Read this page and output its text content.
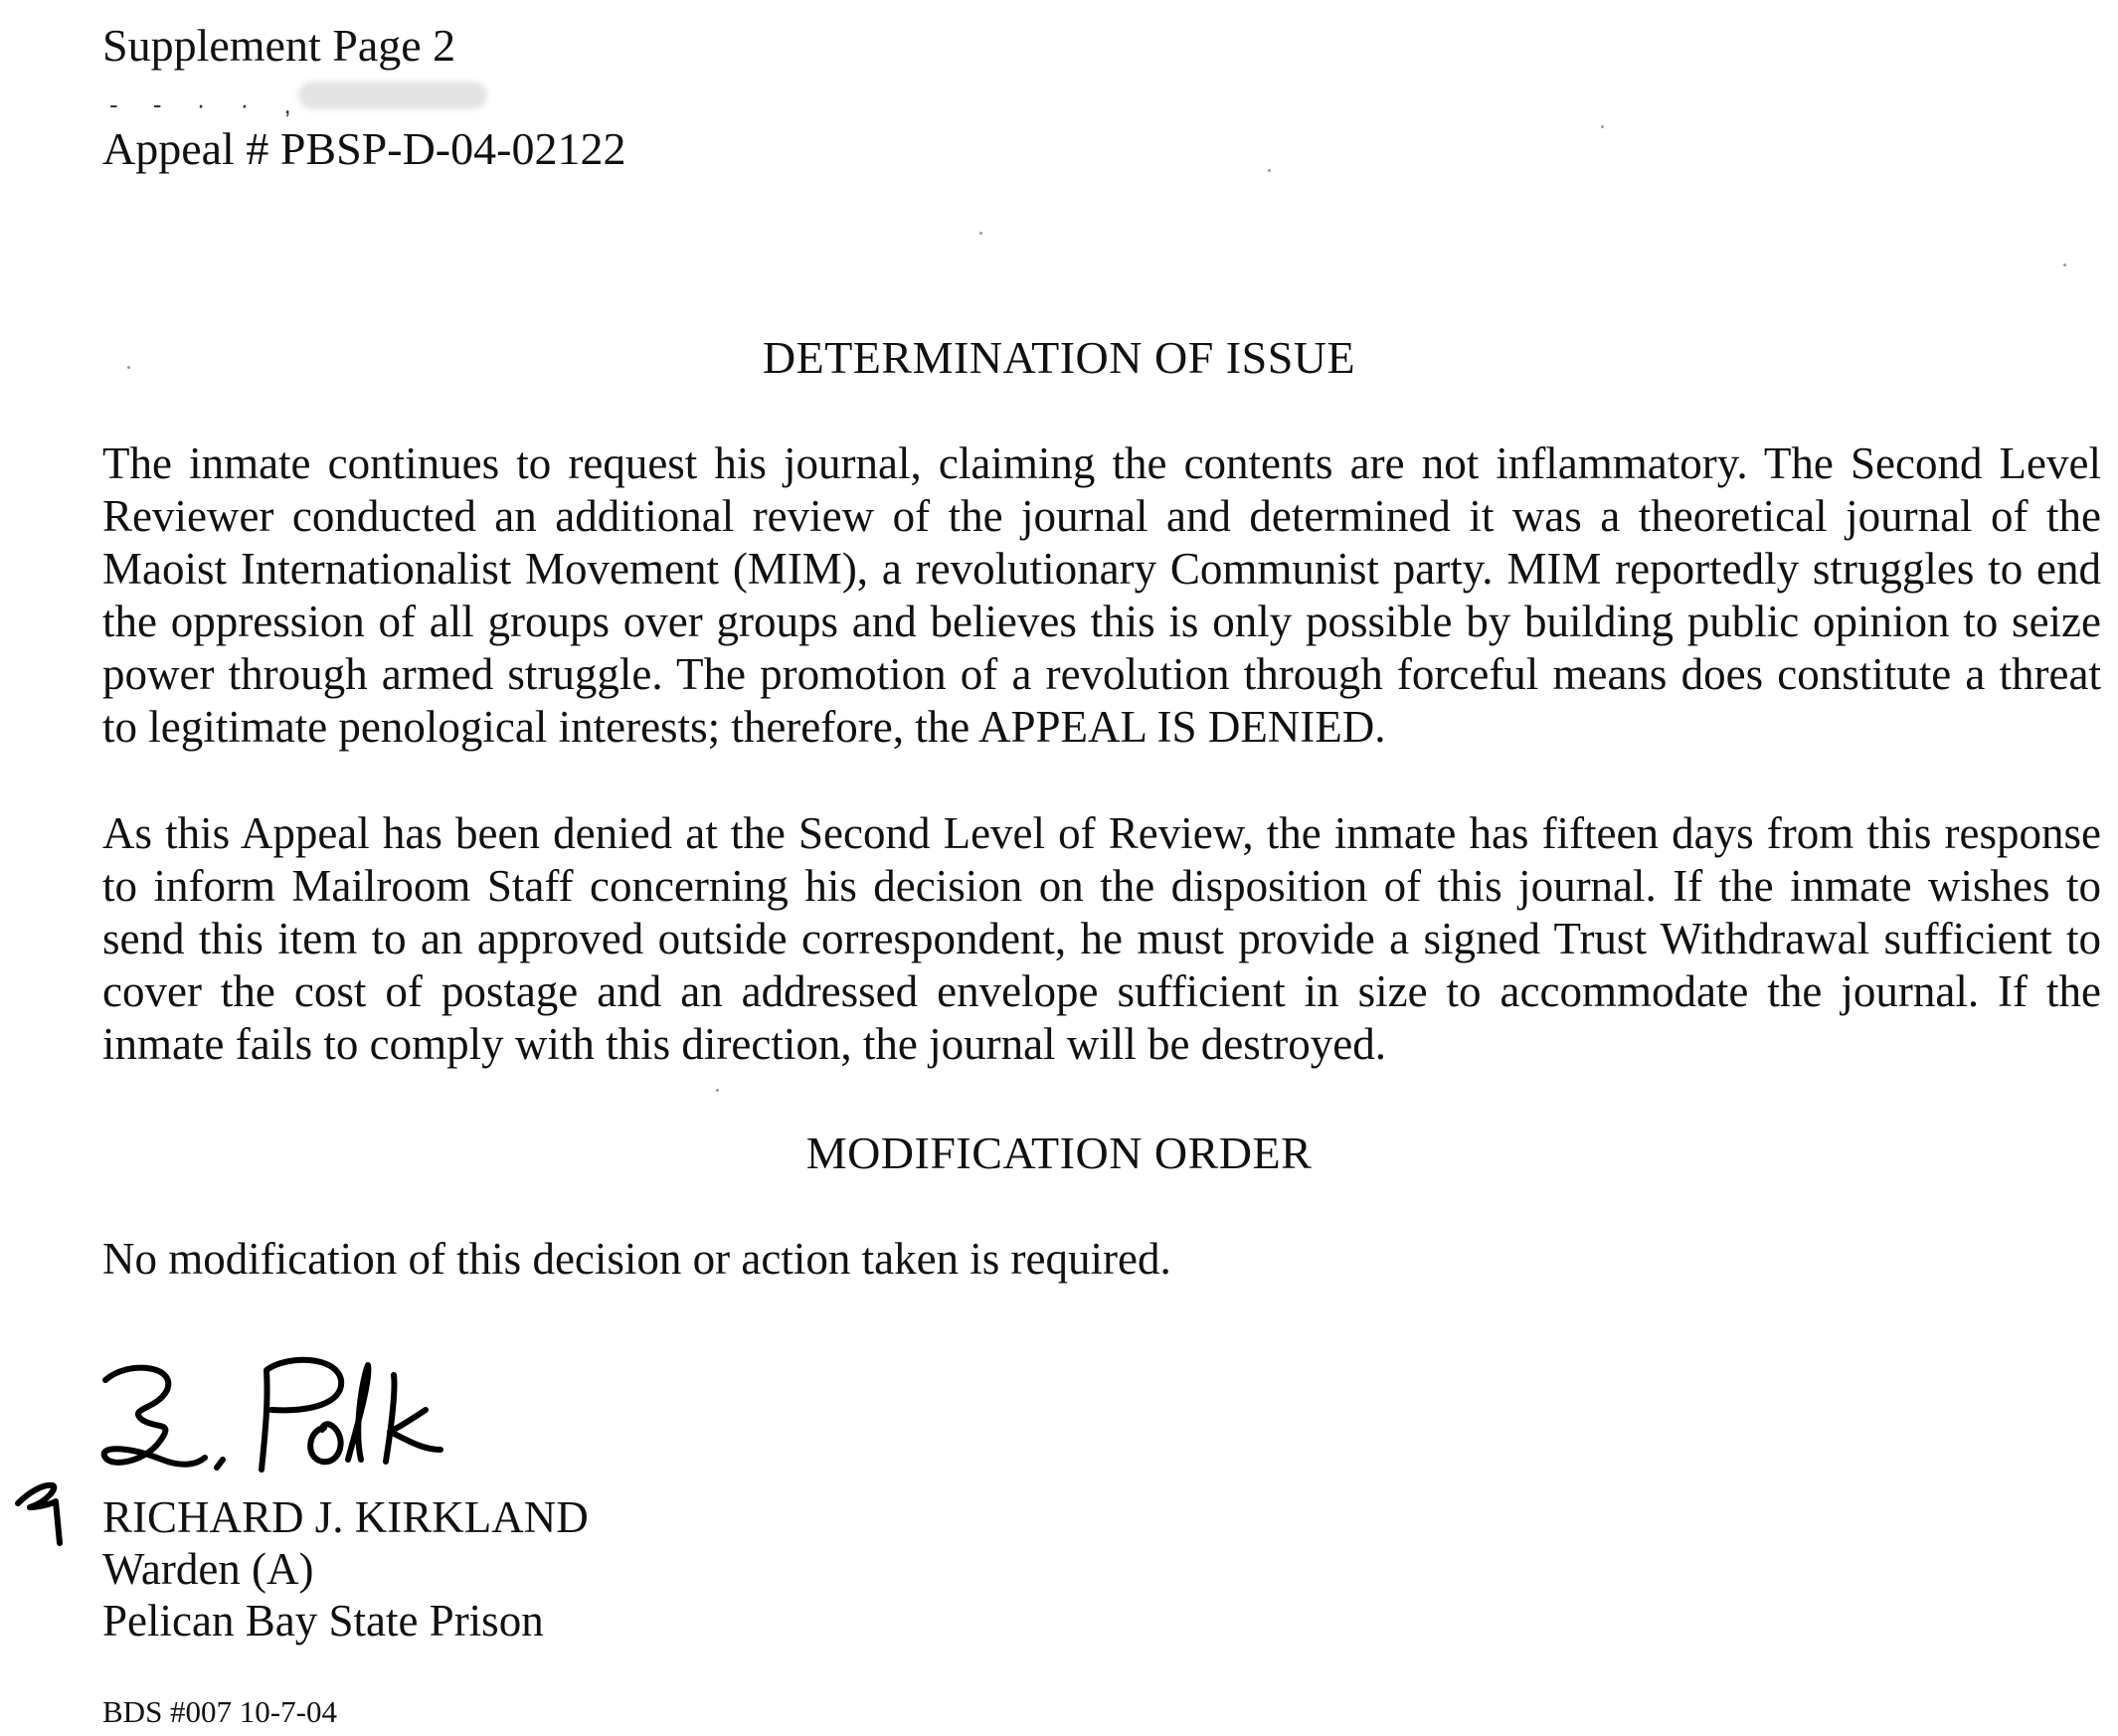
Supplement Page 2
- - · · ,
Appeal # PBSP-D-04-02122
DETERMINATION OF ISSUE
The inmate continues to request his journal, claiming the contents are not inflammatory. The Second Level Reviewer conducted an additional review of the journal and determined it was a theoretical journal of the Maoist Internationalist Movement (MIM), a revolutionary Communist party. MIM reportedly struggles to end the oppression of all groups over groups and believes this is only possible by building public opinion to seize power through armed struggle. The promotion of a revolution through forceful means does constitute a threat to legitimate penological interests; therefore, the APPEAL IS DENIED.
As this Appeal has been denied at the Second Level of Review, the inmate has fifteen days from this response to inform Mailroom Staff concerning his decision on the disposition of this journal. If the inmate wishes to send this item to an approved outside correspondent, he must provide a signed Trust Withdrawal sufficient to cover the cost of postage and an addressed envelope sufficient in size to accommodate the journal. If the inmate fails to comply with this direction, the journal will be destroyed.
MODIFICATION ORDER
No modification of this decision or action taken is required.
RICHARD J. KIRKLAND
Warden (A)
Pelican Bay State Prison
BDS #007 10-7-04
